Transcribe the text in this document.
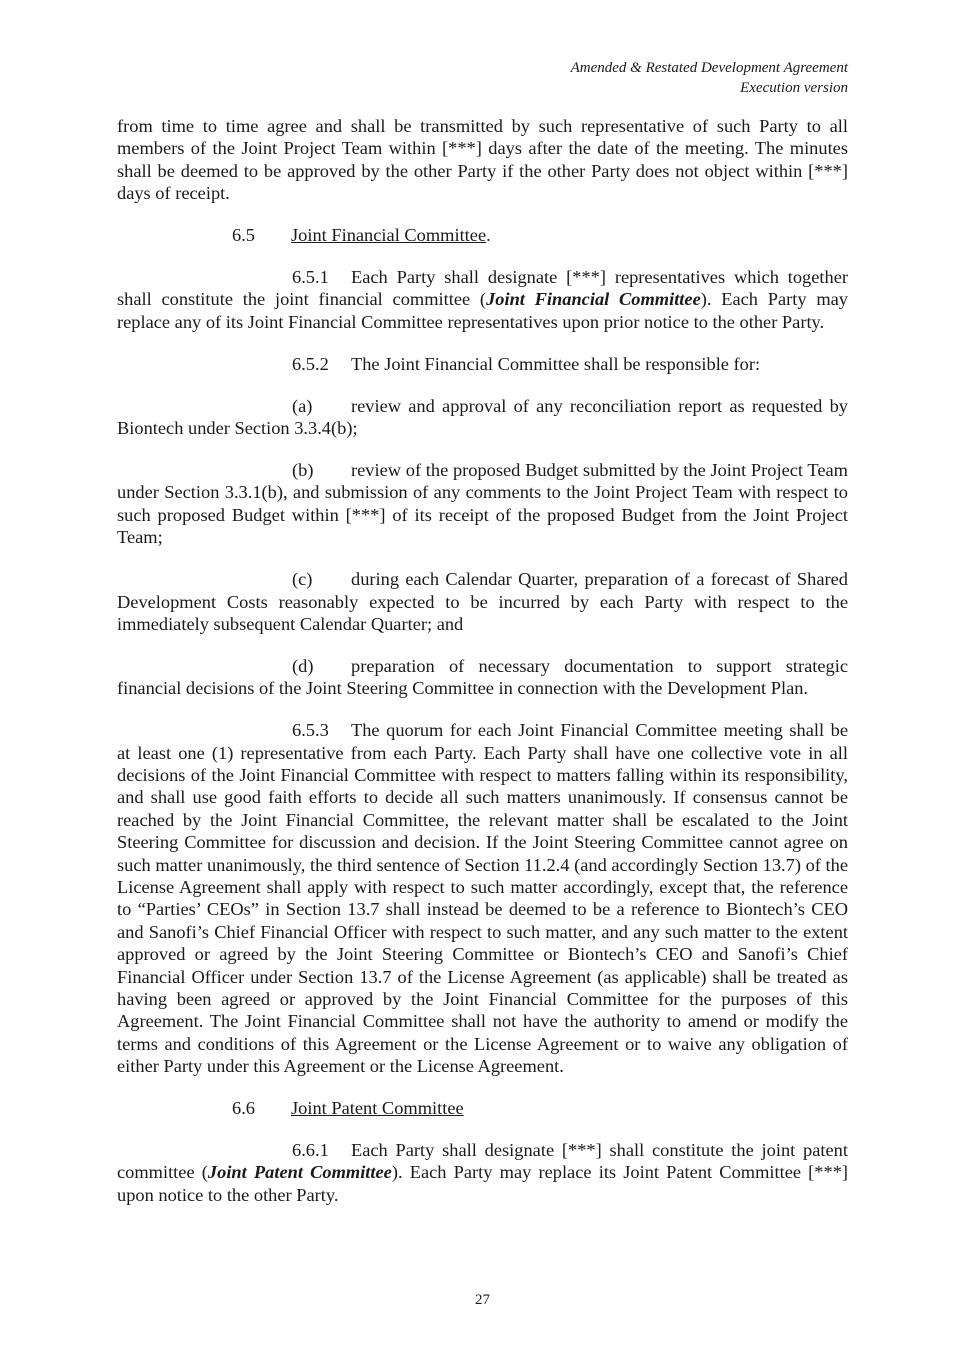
Amended & Restated Development Agreement
Execution version

from time to time agree and shall be transmitted by such representative of such Party to all members of the Joint Project Team within [***] days after the date of the meeting. The minutes shall be deemed to be approved by the other Party if the other Party does not object within [***] days of receipt.

6.5 Joint Financial Committee.

6.5.1 Each Party shall designate [***] representatives which together shall constitute the joint financial committee (Joint Financial Committee). Each Party may replace any of its Joint Financial Committee representatives upon prior notice to the other Party.

6.5.2 The Joint Financial Committee shall be responsible for:

(a) review and approval of any reconciliation report as requested by Biontech under Section 3.3.4(b);

(b) review of the proposed Budget submitted by the Joint Project Team under Section 3.3.1(b), and submission of any comments to the Joint Project Team with respect to such proposed Budget within [***] of its receipt of the proposed Budget from the Joint Project Team;

(c) during each Calendar Quarter, preparation of a forecast of Shared Development Costs reasonably expected to be incurred by each Party with respect to the immediately subsequent Calendar Quarter; and

(d) preparation of necessary documentation to support strategic financial decisions of the Joint Steering Committee in connection with the Development Plan.

6.5.3 The quorum for each Joint Financial Committee meeting shall be at least one (1) representative from each Party. Each Party shall have one collective vote in all decisions of the Joint Financial Committee with respect to matters falling within its responsibility, and shall use good faith efforts to decide all such matters unanimously. If consensus cannot be reached by the Joint Financial Committee, the relevant matter shall be escalated to the Joint Steering Committee for discussion and decision. If the Joint Steering Committee cannot agree on such matter unanimously, the third sentence of Section 11.2.4 (and accordingly Section 13.7) of the License Agreement shall apply with respect to such matter accordingly, except that, the reference to “Parties’ CEOs” in Section 13.7 shall instead be deemed to be a reference to Biontech’s CEO and Sanofi’s Chief Financial Officer with respect to such matter, and any such matter to the extent approved or agreed by the Joint Steering Committee or Biontech’s CEO and Sanofi’s Chief Financial Officer under Section 13.7 of the License Agreement (as applicable) shall be treated as having been agreed or approved by the Joint Financial Committee for the purposes of this Agreement. The Joint Financial Committee shall not have the authority to amend or modify the terms and conditions of this Agreement or the License Agreement or to waive any obligation of either Party under this Agreement or the License Agreement.

6.6 Joint Patent Committee

6.6.1 Each Party shall designate [***] shall constitute the joint patent committee (Joint Patent Committee). Each Party may replace its Joint Patent Committee [***] upon notice to the other Party.

27
